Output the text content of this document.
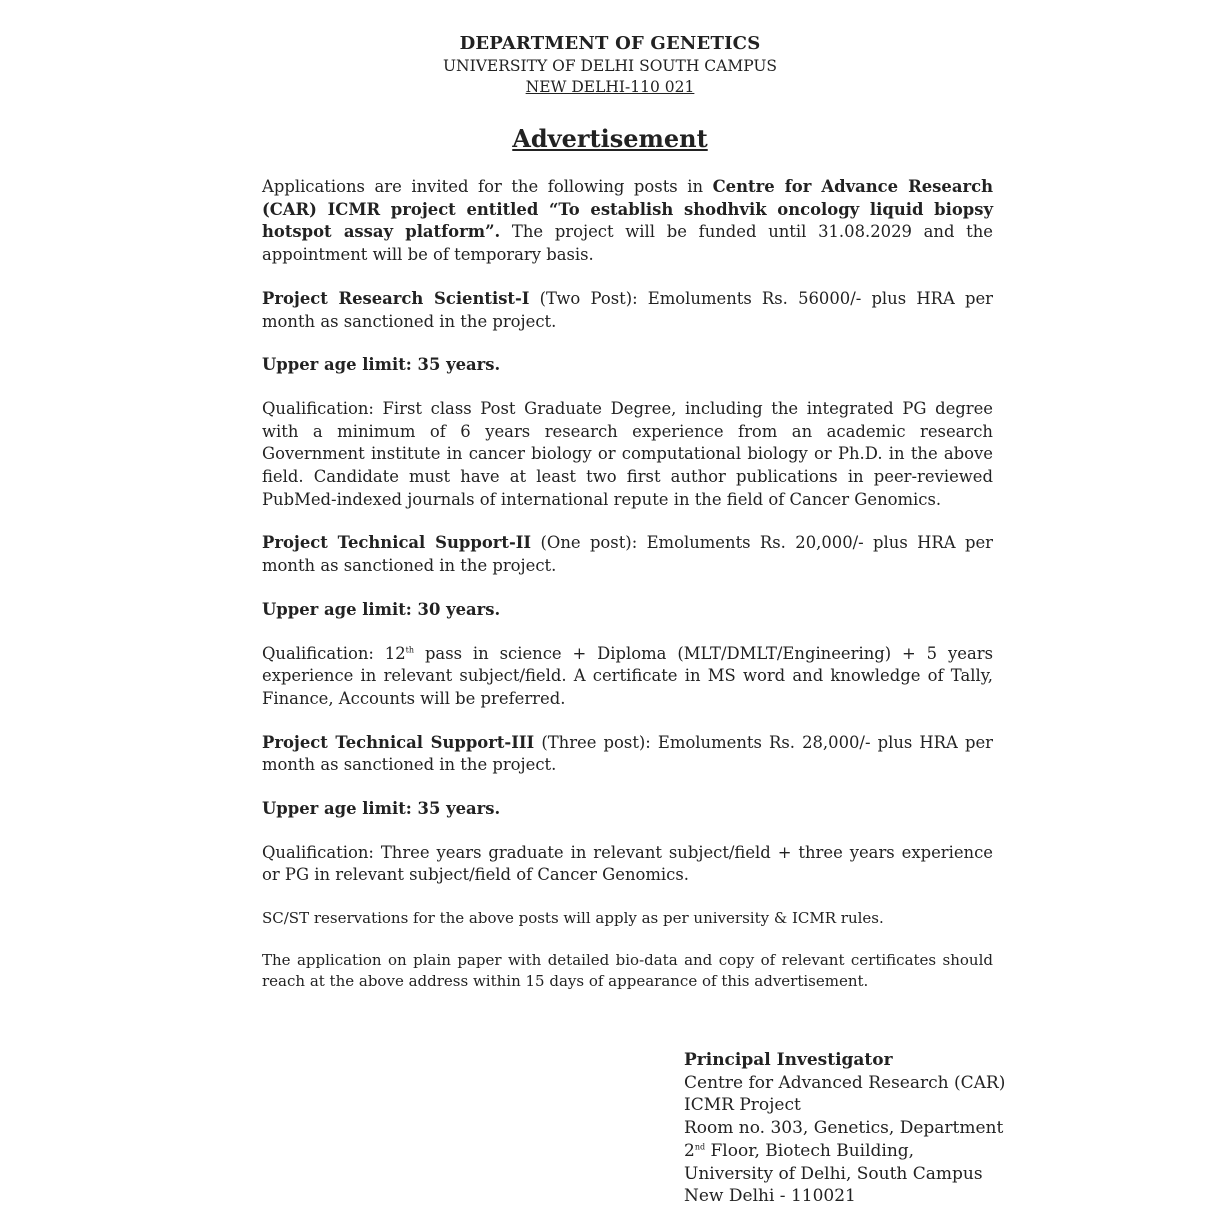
DEPARTMENT OF GENETICS
UNIVERSITY OF DELHI SOUTH CAMPUS
NEW DELHI-110 021
Advertisement

Applications are invited for the following posts in Centre for Advance Research (CAR) ICMR project entitled “To establish shodhvik oncology liquid biopsy hotspot assay platform”. The project will be funded until 31.08.2029 and the appointment will be of temporary basis.

Project Research Scientist-I (Two Post): Emoluments Rs. 56000/- plus HRA per month as sanctioned in the project.

Upper age limit: 35 years.

Qualification: First class Post Graduate Degree, including the integrated PG degree with a minimum of 6 years research experience from an academic research Government institute in cancer biology or computational biology or Ph.D. in the above field. Candidate must have at least two first author publications in peer-reviewed PubMed-indexed journals of international repute in the field of Cancer Genomics.

Project Technical Support-II (One post): Emoluments Rs. 20,000/- plus HRA per month as sanctioned in the project.

Upper age limit: 30 years.

Qualification: 12th pass in science + Diploma (MLT/DMLT/Engineering) + 5 years experience in relevant subject/field. A certificate in MS word and knowledge of Tally, Finance, Accounts will be preferred.

Project Technical Support-III (Three post): Emoluments Rs. 28,000/- plus HRA per month as sanctioned in the project.

Upper age limit: 35 years.

Qualification: Three years graduate in relevant subject/field + three years experience or PG in relevant subject/field of Cancer Genomics.

SC/ST reservations for the above posts will apply as per university & ICMR rules.

The application on plain paper with detailed bio-data and copy of relevant certificates should reach at the above address within 15 days of appearance of this advertisement.

Principal Investigator
Centre for Advanced Research (CAR)
ICMR Project
Room no. 303, Genetics, Department
2nd Floor, Biotech Building,
University of Delhi, South Campus
New Delhi - 110021
